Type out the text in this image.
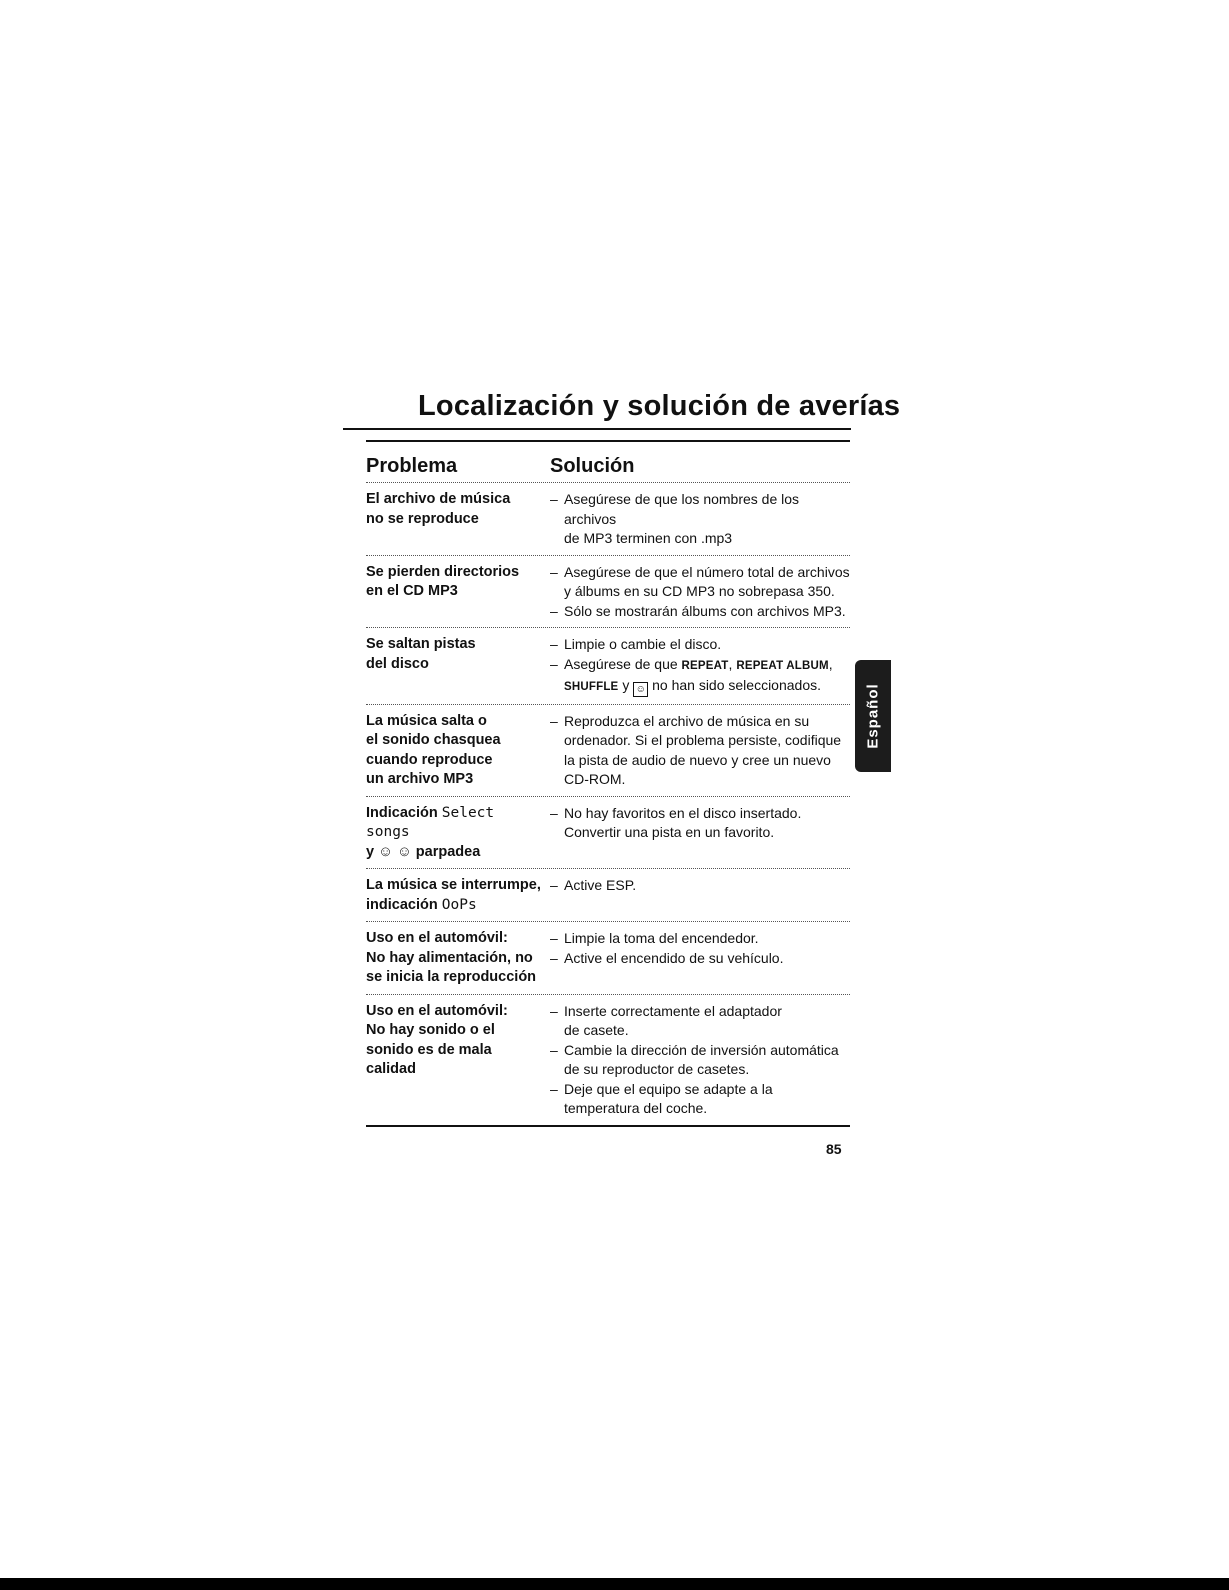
Localización y solución de averías
Problema	Solución
El archivo de música
no se reproduce
– Asegúrese de que los nombres de los archivos
de MP3 terminen con .mp3
Se pierden directorios
en el CD MP3
– Asegúrese de que el número total de archivos
y álbums en su CD MP3 no sobrepasa 350.
– Sólo se mostrarán álbums con archivos MP3.
Se saltan pistas
del disco
– Limpie o cambie el disco.
– Asegúrese de que REPEAT, REPEAT ALBUM,
SHUFFLE y ☺ no han sido seleccionados.
La música salta o
el sonido chasquea
cuando reproduce
un archivo MP3
– Reproduzca el archivo de música en su
ordenador. Si el problema persiste, codifique
la pista de audio de nuevo y cree un nuevo
CD-ROM.
Indicación Select songs
y ☺ ☺ parpadea
– No hay favoritos en el disco insertado.
Convertir una pista en un favorito.
La música se interrumpe,
indicación OoPs
– Active ESP.
Uso en el automóvil:
No hay alimentación, no
se inicia la reproducción
– Limpie la toma del encendedor.
– Active el encendido de su vehículo.
Uso en el automóvil:
No hay sonido o el
sonido es de mala
calidad
– Inserte correctamente el adaptador
de casete.
– Cambie la dirección de inversión automática
de su reproductor de casetes.
– Deje que el equipo se adapte a la
temperatura del coche.
Español
85
